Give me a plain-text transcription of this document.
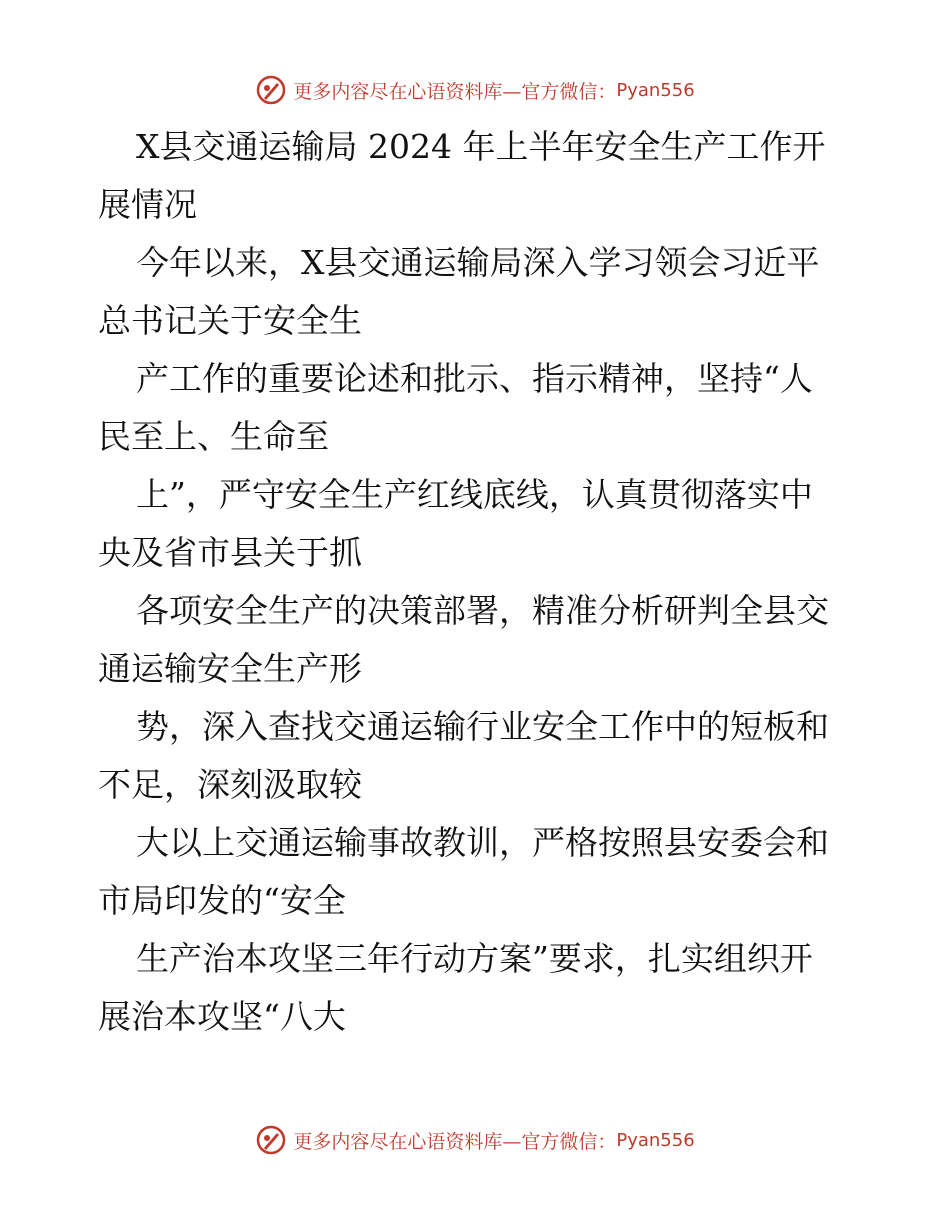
更多内容尽在心语资料库—官方微信： Pyan556

X县交通运输局 2024 年上半年安全生产工作开

展情况

今年以来，X县交通运输局深入学习领会习近平

总书记关于安全生

产工作的重要论述和批示、指示精神，坚持“人

民至上、生命至

上”，严守安全生产红线底线，认真贯彻落实中

央及省市县关于抓

各项安全生产的决策部署，精准分析研判全县交

通运输安全生产形

势，深入查找交通运输行业安全工作中的短板和

不足，深刻汲取较

大以上交通运输事故教训，严格按照县安委会和

市局印发的“安全

生产治本攻坚三年行动方案”要求，扎实组织开

展治本攻坚“八大

更多内容尽在心语资料库—官方微信： Pyan556
